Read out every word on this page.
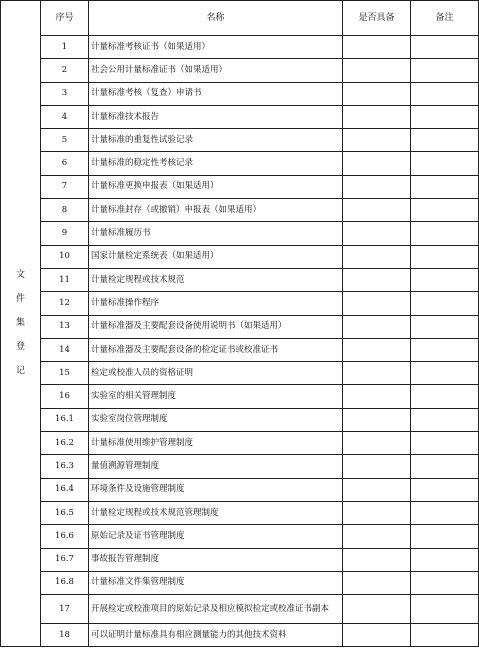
文
件
集
登
记	序号	名称	是否具备	备注
	1	计量标准考核证书（如果适用）		
	2	社会公用计量标准证书（如果适用）		
	3	计量标准考核（复查）申请书		
	4	计量标准技术报告		
	5	计量标准的重复性试验记录		
	6	计量标准的稳定性考核记录		
	7	计量标准更换申报表（如果适用）		
	8	计量标准封存（或撤销）申报表（如果适用）		
	9	计量标准履历书		
	10	国家计量检定系统表（如果适用）		
	11	计量检定规程或技术规范		
	12	计量标准操作程序		
	13	计量标准器及主要配套设备使用说明书（如果适用）		
	14	计量标准器及主要配套设备的检定证书或校准证书		
	15	检定或校准人员的资格证明		
	16	实验室的相关管理制度		
	16.1	实验室岗位管理制度		
	16.2	计量标准使用维护管理制度		
	16.3	量值溯源管理制度		
	16.4	环境条件及设施管理制度		
	16.5	计量检定规程或技术规范管理制度		
	16.6	原始记录及证书管理制度		
	16.7	事故报告管理制度		
	16.8	计量标准文件集管理制度		
	17	开展检定或校准项目的原始记录及相应模拟检定或校准证书副本		
	18	可以证明计量标准具有相应测量能力的其他技术资料		
